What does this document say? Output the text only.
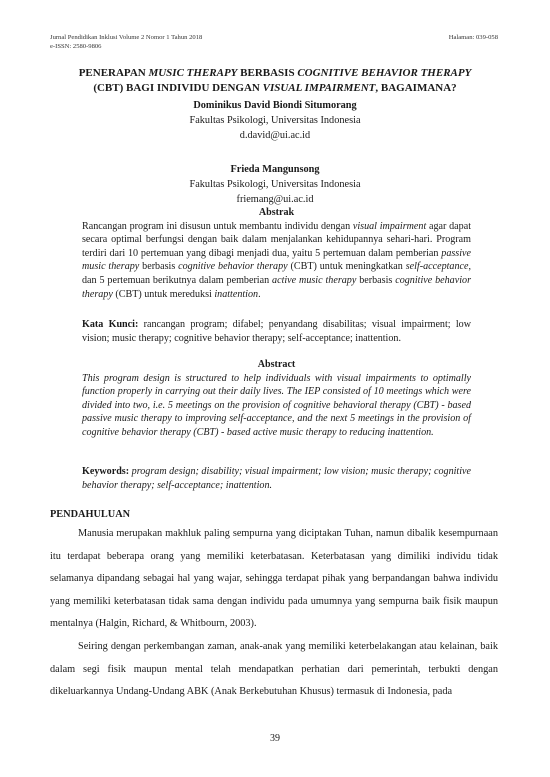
Jurnal Pendidikan Inklusi Volume 2 Nomor 1 Tahun 2018	Halaman: 039-058
e-ISSN: 2580-9806
PENERAPAN MUSIC THERAPY BERBASIS COGNITIVE BEHAVIOR THERAPY
(CBT) BAGI INDIVIDU DENGAN VISUAL IMPAIRMENT, BAGAIMANA?
Dominikus David Biondi Situmorang
Fakultas Psikologi, Universitas Indonesia
d.david@ui.ac.id
Frieda Mangunsong
Fakultas Psikologi, Universitas Indonesia
friemang@ui.ac.id
Abstrak

Rancangan program ini disusun untuk membantu individu dengan visual impairment agar dapat secara optimal berfungsi dengan baik dalam menjalankan kehidupannya sehari-hari. Program terdiri dari 10 pertemuan yang dibagi menjadi dua, yaitu 5 pertemuan dalam pemberian passive music therapy berbasis cognitive behavior therapy (CBT) untuk meningkatkan self-acceptance, dan 5 pertemuan berikutnya dalam pemberian active music therapy berbasis cognitive behavior therapy (CBT) untuk mereduksi inattention.

Kata Kunci: rancangan program; difabel; penyandang disabilitas; visual impairment; low vision; music therapy; cognitive behavior therapy; self-acceptance; inattention.

Abstract

This program design is structured to help individuals with visual impairments to optimally function properly in carrying out their daily lives. The IEP consisted of 10 meetings which were divided into two, i.e. 5 meetings on the provision of cognitive behavioral therapy (CBT) - based passive music therapy to improving self-acceptance, and the next 5 meetings in the provision of cognitive behavior therapy (CBT) - based active music therapy to reducing inattention.

Keywords: program design; disability; visual impairment; low vision; music therapy; cognitive behavior therapy; self-acceptance; inattention.

PENDAHULUAN

Manusia merupakan makhluk paling sempurna yang diciptakan Tuhan, namun dibalik kesempurnaan itu terdapat beberapa orang yang memiliki keterbatasan. Keterbatasan yang dimiliki individu tidak selamanya dipandang sebagai hal yang wajar, sehingga terdapat pihak yang berpandangan bahwa individu yang memiliki keterbatasan tidak sama dengan individu pada umumnya yang sempurna baik fisik maupun mentalnya (Halgin, Richard, & Whitbourn, 2003).

Seiring dengan perkembangan zaman, anak-anak yang memiliki keterbelakangan atau kelainan, baik dalam segi fisik maupun mental telah mendapatkan perhatian dari pemerintah, terbukti dengan dikeluarkannya Undang-Undang ABK (Anak Berkebutuhan Khusus) termasuk di Indonesia, pada

39
